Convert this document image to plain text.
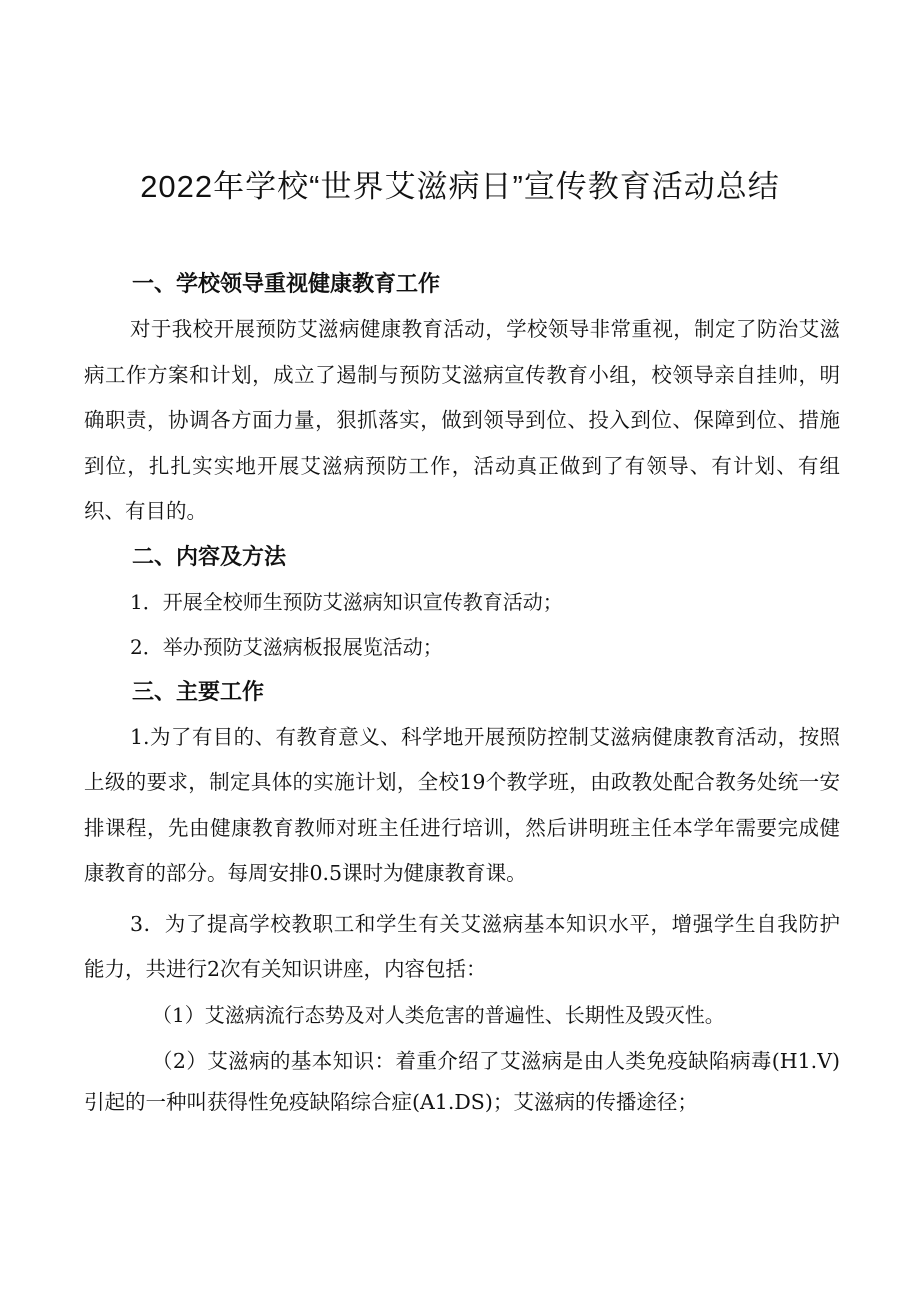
2022年学校“世界艾滋病日”宣传教育活动总结
一、学校领导重视健康教育工作

对于我校开展预防艾滋病健康教育活动，学校领导非常重视，制定了防治艾滋病工作方案和计划，成立了遏制与预防艾滋病宣传教育小组，校领导亲自挂帅，明确职责，协调各方面力量，狠抓落实，做到领导到位、投入到位、保障到位、措施到位，扎扎实实地开展艾滋病预防工作，活动真正做到了有领导、有计划、有组织、有目的。

二、内容及方法

1．开展全校师生预防艾滋病知识宣传教育活动；

2．举办预防艾滋病板报展览活动；

三、主要工作

1.为了有目的、有教育意义、科学地开展预防控制艾滋病健康教育活动，按照上级的要求，制定具体的实施计划，全校19个教学班，由政教处配合教务处统一安排课程，先由健康教育教师对班主任进行培训，然后讲明班主任本学年需要完成健康教育的部分。每周安排0.5课时为健康教育课。

3．为了提高学校教职工和学生有关艾滋病基本知识水平，增强学生自我防护能力，共进行2次有关知识讲座，内容包括：

（1）艾滋病流行态势及对人类危害的普遍性、长期性及毁灭性。

（2）艾滋病的基本知识：着重介绍了艾滋病是由人类免疫缺陷病毒(H1.V)引起的一种叫获得性免疫缺陷综合症(A1.DS)；艾滋病的传播途径；
